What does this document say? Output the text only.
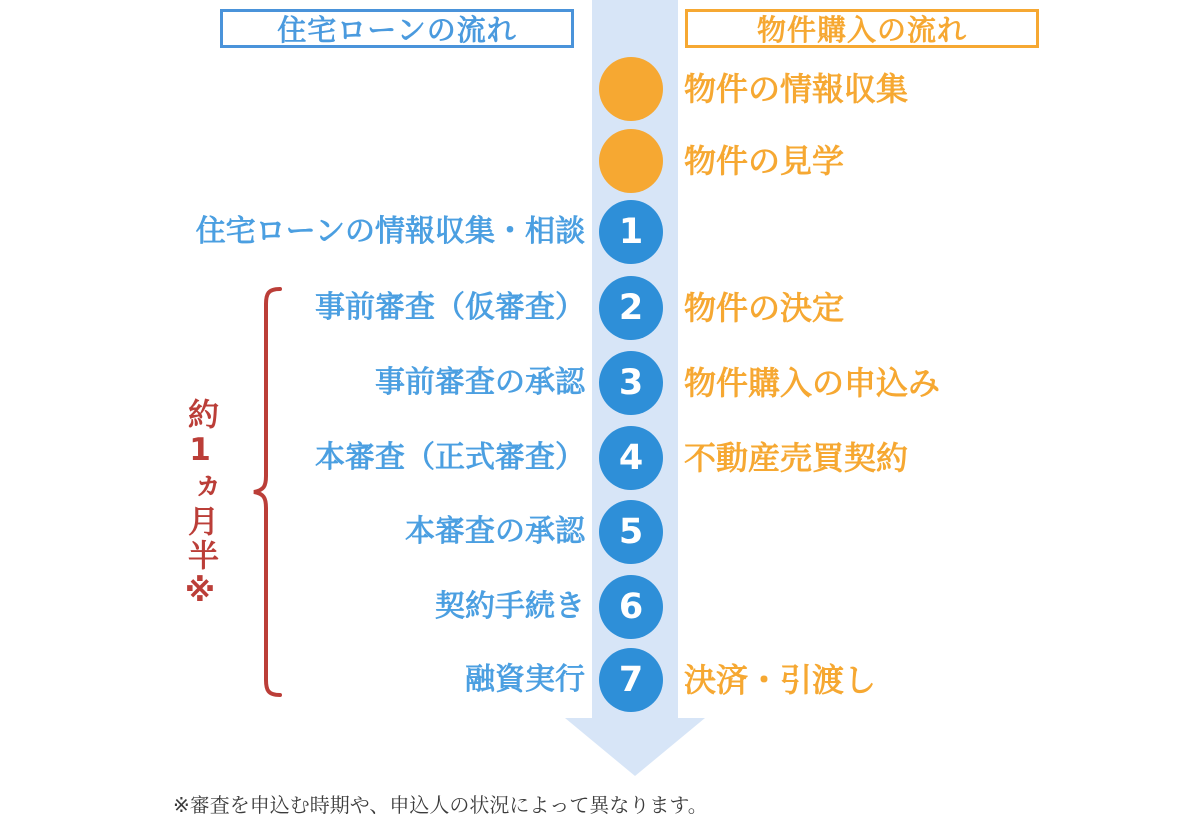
住宅ローンの流れ	物件購入の流れ
1
2
3
4
5
6
7
住宅ローンの情報収集・相談
事前審査（仮審査）
事前審査の承認
本審査（正式審査）
本審査の承認
契約手続き
融資実行
物件の情報収集
物件の見学
物件の決定
物件購入の申込み
不動産売買契約
決済・引渡し
約1ヵ月半※
※審査を申込む時期や、申込人の状況によって異なります。
